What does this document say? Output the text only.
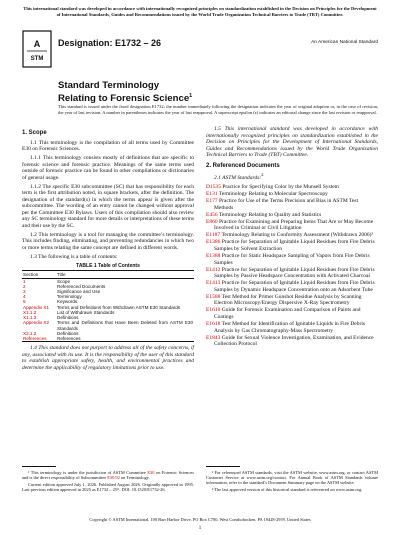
This international standard was developed in accordance with internationally recognized principles on standardization established in the Decision on Principles for the Development of International Standards, Guides and Recommendations issued by the World Trade Organization Technical Barriers to Trade (TBT) Committee.
A
STM
Designation: E1732 – 26	An American National Standard
Standard Terminology
Relating to Forensic Science$^1$
This standard is issued under the fixed designation E1732; the number immediately following the designation indicates the year of original adoption or, in the case of revision, the year of last revision. A number in parentheses indicates the year of last reapproval. A superscript epsilon (ε) indicates an editorial change since the last revision or reapproval.
1. Scope

1.1 This terminology is the compilation of all terms used by Committee E30 on Forensic Sciences.

1.1.1 This terminology consists mostly of definitions that are specific to forensic science and forensic practice. Meanings of the same terms used outside of forensic practice can be found in other compilations or dictionaries of general usage.

1.1.2 The specific E30 subcommittee (SC) that has responsibility for each term is the first attribution noted, in square brackets, after the definition. The designation of the standard(s) in which the terms appear is given after the subcommittee. The wording of an entry cannot be changed without approval per the Committee E30 Bylaws. Users of this compilation should also review any SC terminology standard for more details or interpretations of these terms and their use by the SC.

1.2 This terminology is a tool for managing the committee’s terminology. This includes finding, eliminating, and preventing redundancies in which two or more terms relating the same concept are defined in different words.

1.3 The following is a table of contents:

TABLE 1 Table of Contents
Section	Title
1	Scope
2	Referenced Documents
3	Significance and Use
4	Terminology
5	Keywords
Appendix X1	Terms and Definitions from Withdrawn ASTM E30 Standards
X1.1.2	List of Withdrawn Standards
X1.1.3	Definitions
Appendix X2	Terms and Definitions that Have Been Deleted from ASTM E30 Standards
X2.1.2	Definitions
References	References

1.4 This standard does not purport to address all of the safety concerns, if any, associated with its use. It is the responsibility of the user of this standard to establish appropriate safety, health, and environmental practices and determine the applicability of regulatory limitations prior to use.

1.5 This international standard was developed in accordance with internationally recognized principles on standardization established in the Decision on Principles for the Development of International Standards, Guides and Recommendations issued by the World Trade Organization Technical Barriers to Trade (TBT) Committee.

2. Referenced Documents

2.1 ASTM Standards:$^2$

D1535 Practice for Specifying Color by the Munsell System
E131 Terminology Relating to Molecular Spectroscopy
E177 Practice for Use of the Terms Precision and Bias in ASTM Test Methods
E456 Terminology Relating to Quality and Statistics
E860 Practice for Examining and Preparing Items That Are or May Become Involved in Criminal or Civil Litigation
E1187 Terminology Relating to Conformity Assessment (Withdrawn 2006)³
E1386 Practice for Separation of Ignitable Liquid Residues from Fire Debris Samples by Solvent Extraction
E1388 Practice for Static Headspace Sampling of Vapors from Fire Debris Samples
E1412 Practice for Separation of Ignitable Liquid Residues from Fire Debris Samples by Passive Headspace Concentration with Activated Charcoal
E1413 Practice for Separation of Ignitable Liquid Residues from Fire Debris Samples by Dynamic Headspace Concentration onto an Adsorbent Tube
E1588 Test Method for Primer Gunshot Residue Analysis by Scanning Electron Microscopy/Energy Dispersive X-Ray Spectrometry
E1610 Guide for Forensic Examination and Comparison of Paints and Coatings
E1618 Test Method for Identification of Ignitable Liquids in Fire Debris Analysis by Gas Chromatography-Mass Spectrometry
E1843 Guide for Sexual Violence Investigation, Examination, and Evidence Collection Protocol

¹ This terminology is under the jurisdiction of ASTM Committee E30 on Forensic Sciences and is the direct responsibility of Subcommittee E30.92 on Terminology.

Current edition approved July 1, 2026. Published August 2026. Originally approved in 1995. Last previous edition approved in 2025 as E1732 – 25ᵉ¹. DOI: 10.1520/E1732-26.

² For referenced ASTM standards, visit the ASTM website, www.astm.org, or contact ASTM Customer Service at www.astm.org/contact. For Annual Book of ASTM Standards volume information, refer to the standard’s Document Summary page on the ASTM website.

³ The last approved version of this historical standard is referenced on www.astm.org.

Copyright © ASTM International, 100 Barr Harbor Drive, PO Box C700, West Conshohocken, PA 19428-2959. United States
1
